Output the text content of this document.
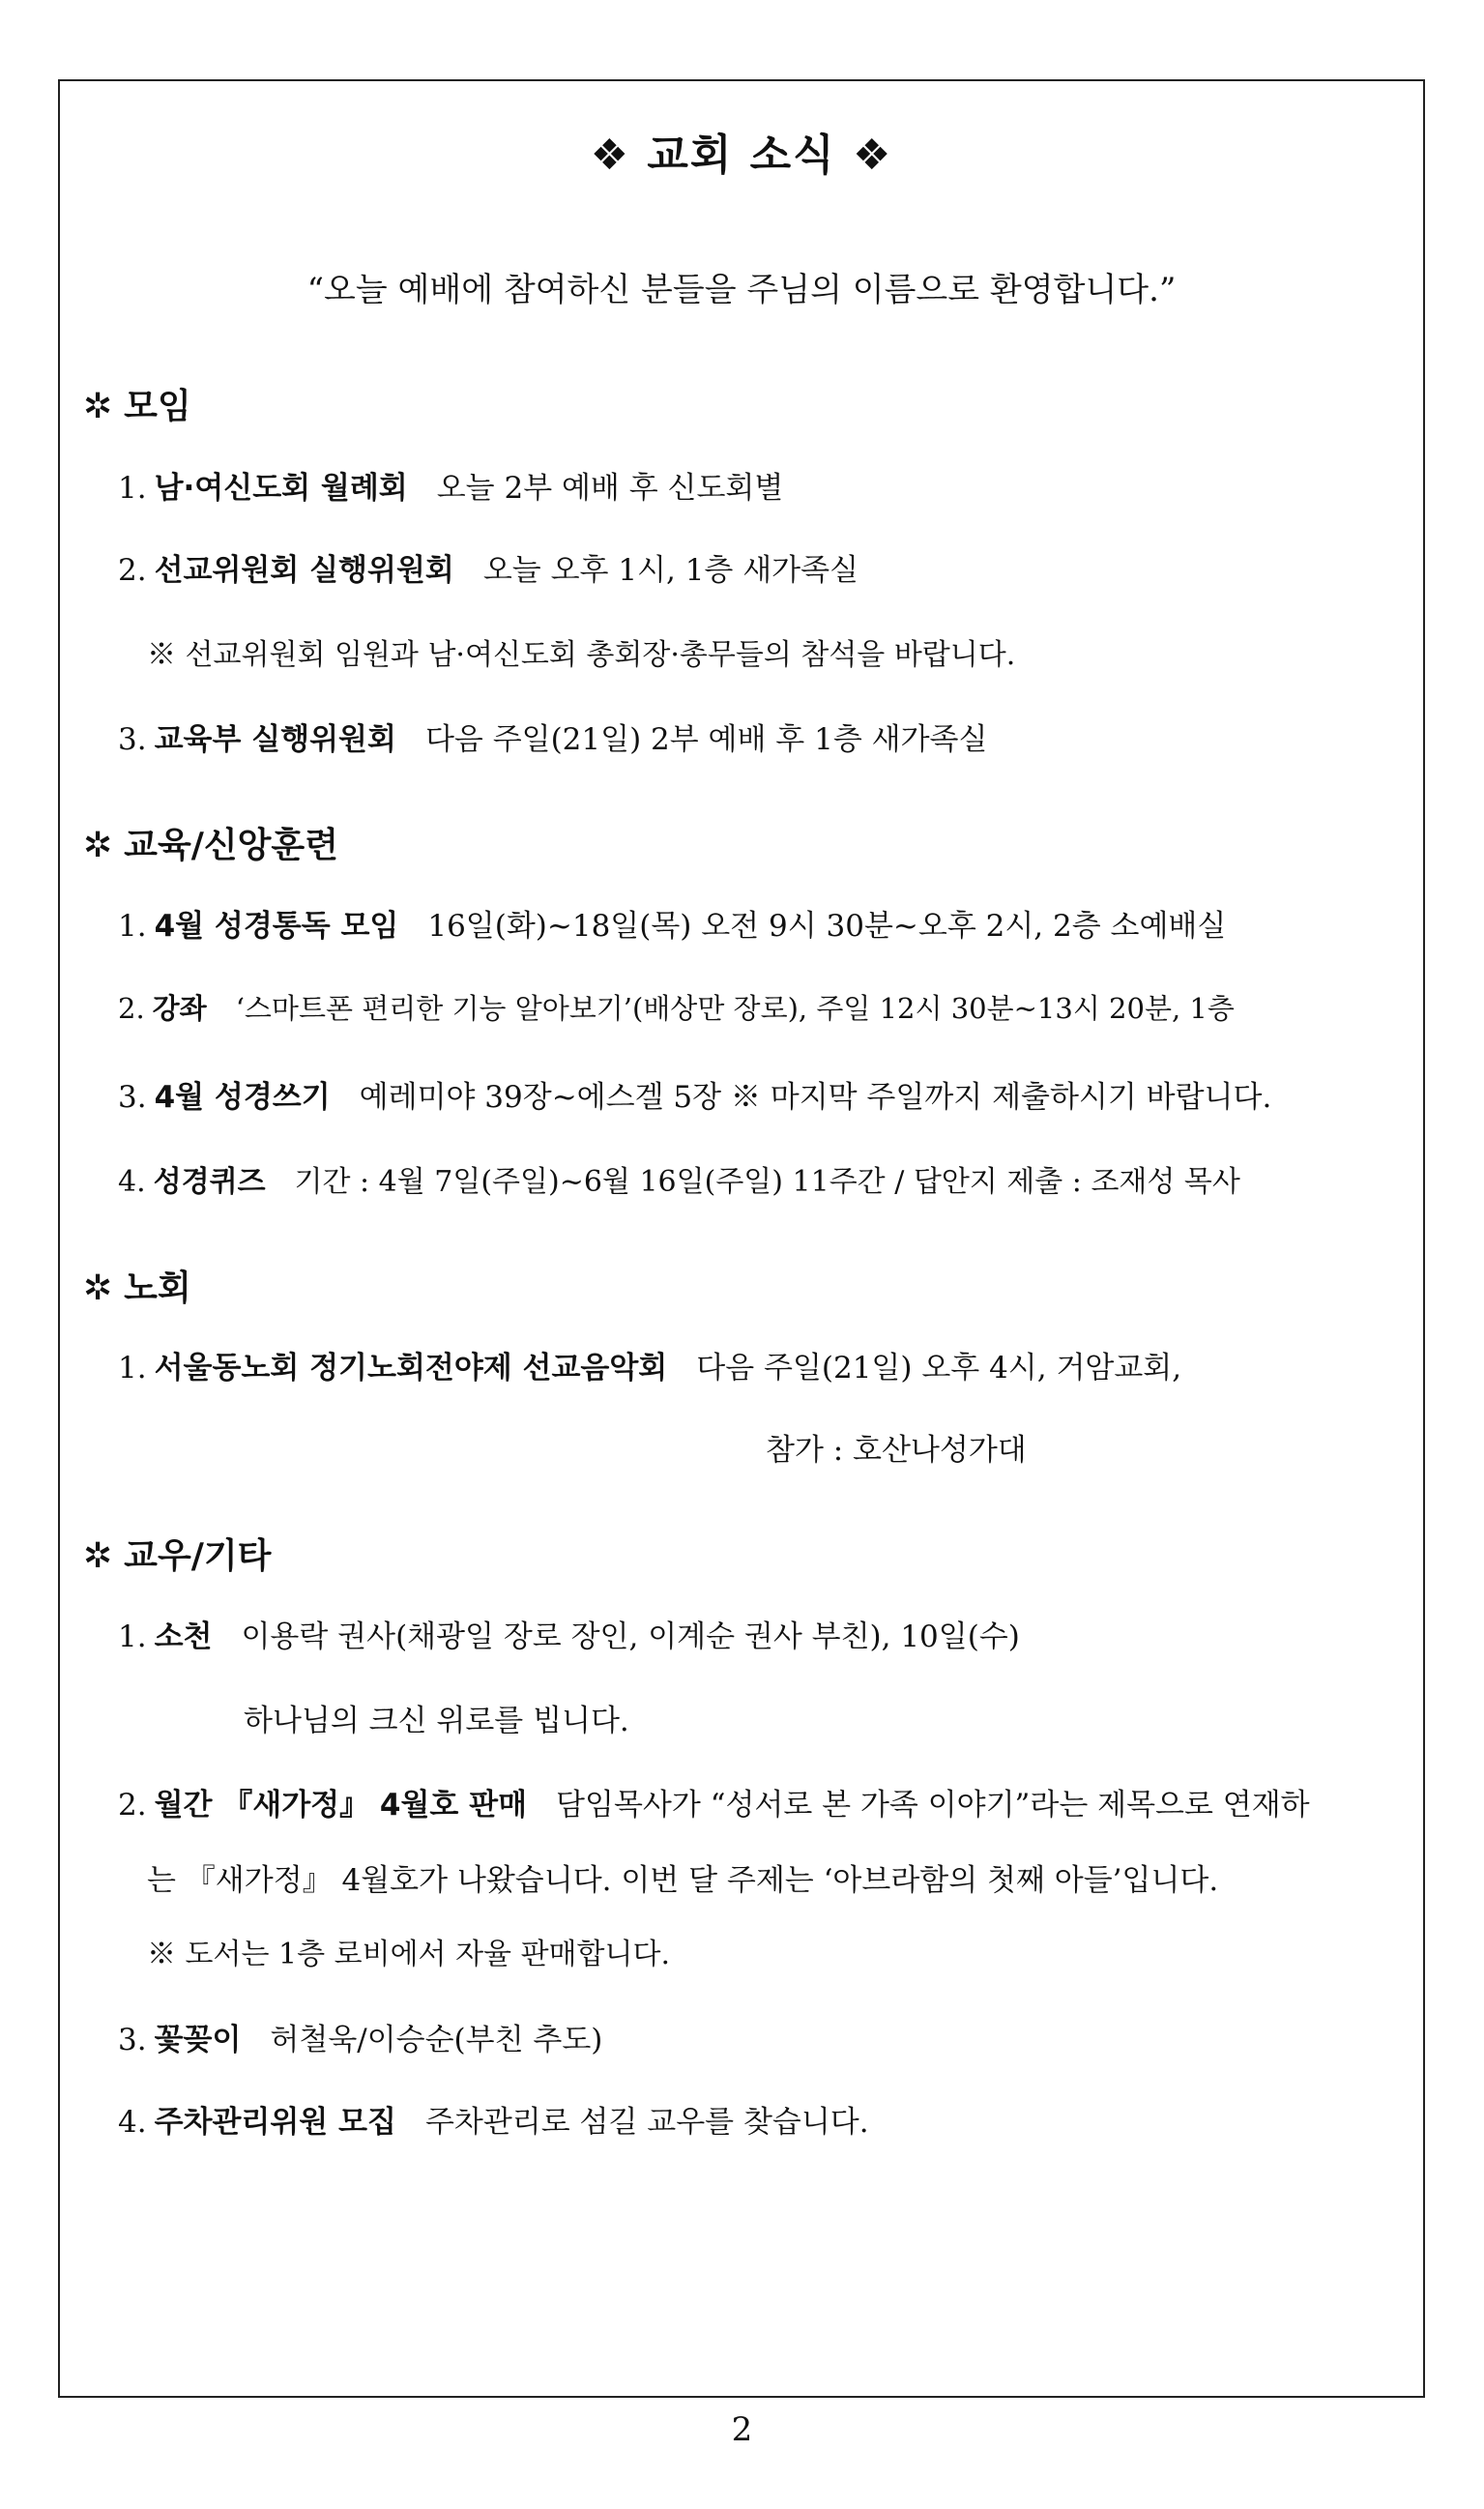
❖ 교회 소식 ❖
“오늘 예배에 참여하신 분들을 주님의 이름으로 환영합니다.”
✲ 모임
1. 남·여신도회 월례회 오늘 2부 예배 후 신도회별
2. 선교위원회 실행위원회 오늘 오후 1시, 1층 새가족실
※ 선교위원회 임원과 남·여신도회 총회장·총무들의 참석을 바랍니다.
3. 교육부 실행위원회 다음 주일(21일) 2부 예배 후 1층 새가족실
✲ 교육/신앙훈련
1. 4월 성경통독 모임 16일(화)~18일(목) 오전 9시 30분~오후 2시, 2층 소예배실
2. 강좌 ‘스마트폰 편리한 기능 알아보기’(배상만 장로), 주일 12시 30분~13시 20분, 1층
3. 4월 성경쓰기 예레미야 39장~에스겔 5장 ※ 마지막 주일까지 제출하시기 바랍니다.
4. 성경퀴즈 기간 : 4월 7일(주일)~6월 16일(주일) 11주간 / 답안지 제출 : 조재성 목사
✲ 노회
1. 서울동노회 정기노회전야제 선교음악회 다음 주일(21일) 오후 4시, 거암교회,
참가 : 호산나성가대
✲ 교우/기타
1. 소천 이용락 권사(채광일 장로 장인, 이계순 권사 부친), 10일(수)
하나님의 크신 위로를 빕니다.
2. 월간 『새가정』 4월호 판매 담임목사가 “성서로 본 가족 이야기”라는 제목으로 연재하
는 『새가정』 4월호가 나왔습니다. 이번 달 주제는 ‘아브라함의 첫째 아들’입니다.
※ 도서는 1층 로비에서 자율 판매합니다.
3. 꽃꽂이 허철욱/이승순(부친 추도)
4. 주차관리위원 모집 주차관리로 섬길 교우를 찾습니다.
2
